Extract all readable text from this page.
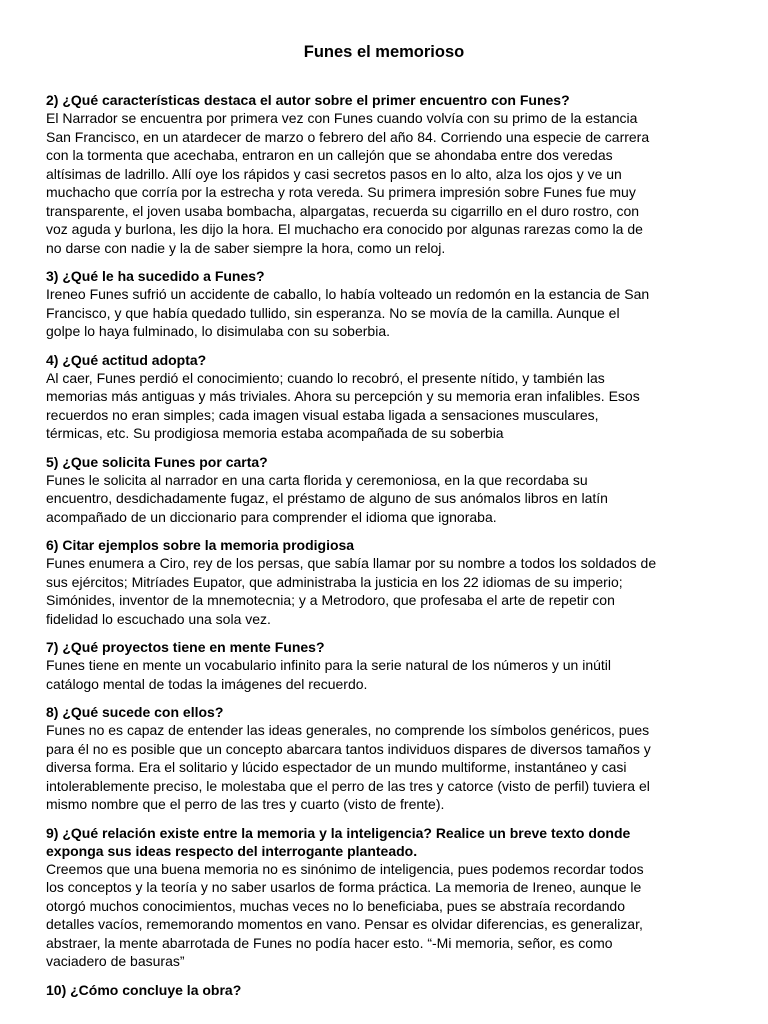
Funes el memorioso
2) ¿Qué características destaca el autor sobre el primer encuentro con Funes?
El Narrador se encuentra por primera vez con Funes cuando volvía con su primo de la estancia
San Francisco, en un atardecer de marzo o febrero del año 84. Corriendo una especie de carrera
con la tormenta que acechaba, entraron en un callejón que se ahondaba entre dos veredas
altísimas de ladrillo. Allí oye los rápidos y casi secretos pasos en lo alto, alza los ojos y ve un
muchacho que corría por la estrecha y rota vereda. Su primera impresión sobre Funes fue muy
transparente, el joven usaba bombacha, alpargatas, recuerda su cigarrillo en el duro rostro, con
voz aguda y burlona, les dijo la hora. El muchacho era conocido por algunas rarezas como la de
no darse con nadie y la de saber siempre la hora, como un reloj.
3) ¿Qué le ha sucedido a Funes?
Ireneo Funes sufrió un accidente de caballo, lo había volteado un redomón en la estancia de San
Francisco, y que había quedado tullido, sin esperanza. No se movía de la camilla. Aunque el
golpe lo haya fulminado, lo disimulaba con su soberbia.
4) ¿Qué actitud adopta?
Al caer, Funes perdió el conocimiento; cuando lo recobró, el presente nítido, y también las
memorias más antiguas y más triviales. Ahora su percepción y su memoria eran infalibles. Esos
recuerdos no eran simples; cada imagen visual estaba ligada a sensaciones musculares,
térmicas, etc. Su prodigiosa memoria estaba acompañada de su soberbia
5) ¿Que solicita Funes por carta?
Funes le solicita al narrador en una carta florida y ceremoniosa, en la que recordaba su
encuentro, desdichadamente fugaz, el préstamo de alguno de sus anómalos libros en latín
acompañado de un diccionario para comprender el idioma que ignoraba.
6) Citar ejemplos sobre la memoria prodigiosa
Funes enumera a Ciro, rey de los persas, que sabía llamar por su nombre a todos los soldados de
sus ejércitos; Mitríades Eupator, que administraba la justicia en los 22 idiomas de su imperio;
Simónides, inventor de la mnemotecnia; y a Metrodoro, que profesaba el arte de repetir con
fidelidad lo escuchado una sola vez.
7) ¿Qué proyectos tiene en mente Funes?
Funes tiene en mente un vocabulario infinito para la serie natural de los números y un inútil
catálogo mental de todas la imágenes del recuerdo.
8) ¿Qué sucede con ellos?
Funes no es capaz de entender las ideas generales, no comprende los símbolos genéricos, pues
para él no es posible que un concepto abarcara tantos individuos dispares de diversos tamaños y
diversa forma. Era el solitario y lúcido espectador de un mundo multiforme, instantáneo y casi
intolerablemente preciso, le molestaba que el perro de las tres y catorce (visto de perfil) tuviera el
mismo nombre que el perro de las tres y cuarto (visto de frente).
9) ¿Qué relación existe entre la memoria y la inteligencia? Realice un breve texto donde
exponga sus ideas respecto del interrogante planteado.
Creemos que una buena memoria no es sinónimo de inteligencia, pues podemos recordar todos
los conceptos y la teoría y no saber usarlos de forma práctica. La memoria de Ireneo, aunque le
otorgó muchos conocimientos, muchas veces no lo beneficiaba, pues se abstraía recordando
detalles vacíos, rememorando momentos en vano. Pensar es olvidar diferencias, es generalizar,
abstraer, la mente abarrotada de Funes no podía hacer esto. “-Mi memoria, señor, es como
vaciadero de basuras”
10) ¿Cómo concluye la obra?
